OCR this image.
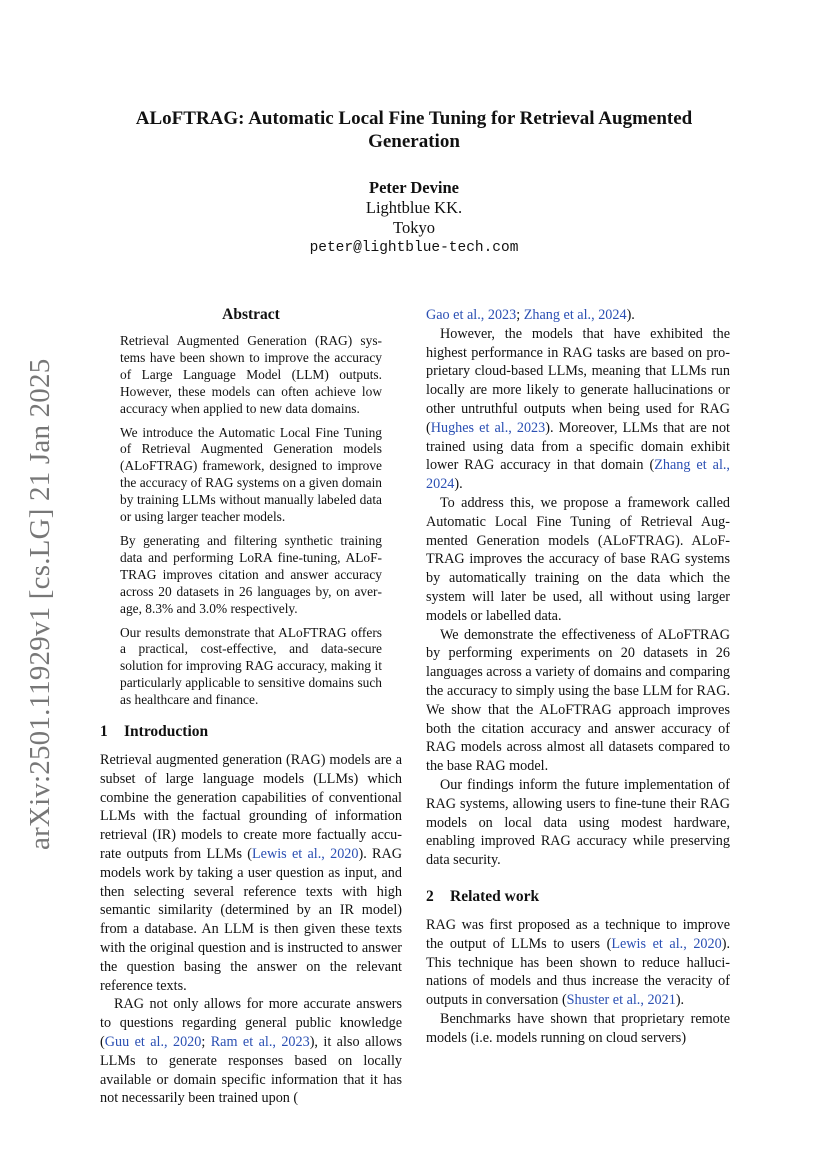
arXiv:2501.11929v1 [cs.LG] 21 Jan 2025
ALoFTRAG: Automatic Local Fine Tuning for Retrieval Augmented
Generation
Peter Devine
Lightblue KK.
Tokyo
peter@lightblue-tech.com
Abstract

Retrieval Augmented Generation (RAG) systems have been shown to improve the accuracy of Large Language Model (LLM) outputs. However, these models can often achieve low accuracy when applied to new data domains.

We introduce the Automatic Local Fine Tuning of Retrieval Augmented Generation models (ALoFTRAG) framework, designed to improve the accuracy of RAG systems on a given domain by training LLMs without manually labeled data or using larger teacher models.

By generating and filtering synthetic training data and performing LoRA fine-tuning, ALoFTRAG improves citation and answer accuracy across 20 datasets in 26 languages by, on average, 8.3% and 3.0% respectively.

Our results demonstrate that ALoFTRAG offers a practical, cost-effective, and data-secure solution for improving RAG accuracy, making it particularly applicable to sensitive domains such as healthcare and finance.

1 Introduction

Retrieval augmented generation (RAG) models are a subset of large language models (LLMs) which combine the generation capabilities of conventional LLMs with the factual grounding of information retrieval (IR) models to create more factually accurate outputs from LLMs (Lewis et al., 2020). RAG models work by taking a user question as input, and then selecting several reference texts with high semantic similarity (determined by an IR model) from a database. An LLM is then given these texts with the original question and is instructed to answer the question basing the answer on the relevant reference texts.

RAG not only allows for more accurate answers to questions regarding general public knowledge (Guu et al., 2020; Ram et al., 2023), it also allows LLMs to generate responses based on locally available or domain specific information that it has not necessarily been trained upon (

Gao et al., 2023; Zhang et al., 2024).

However, the models that have exhibited the highest performance in RAG tasks are based on proprietary cloud-based LLMs, meaning that LLMs run locally are more likely to generate hallucinations or other untruthful outputs when being used for RAG (Hughes et al., 2023). Moreover, LLMs that are not trained using data from a specific domain exhibit lower RAG accuracy in that domain (Zhang et al., 2024).

To address this, we propose a framework called Automatic Local Fine Tuning of Retrieval Augmented Generation models (ALoFTRAG). ALoFTRAG improves the accuracy of base RAG systems by automatically training on the data which the system will later be used, all without using larger models or labelled data.

We demonstrate the effectiveness of ALoFTRAG by performing experiments on 20 datasets in 26 languages across a variety of domains and comparing the accuracy to simply using the base LLM for RAG. We show that the ALoFTRAG approach improves both the citation accuracy and answer accuracy of RAG models across almost all datasets compared to the base RAG model.

Our findings inform the future implementation of RAG systems, allowing users to fine-tune their RAG models on local data using modest hardware, enabling improved RAG accuracy while preserving data security.

2 Related work

RAG was first proposed as a technique to improve the output of LLMs to users (Lewis et al., 2020). This technique has been shown to reduce hallucinations of models and thus increase the veracity of outputs in conversation (Shuster et al., 2021).

Benchmarks have shown that proprietary remote models (i.e. models running on cloud servers)
